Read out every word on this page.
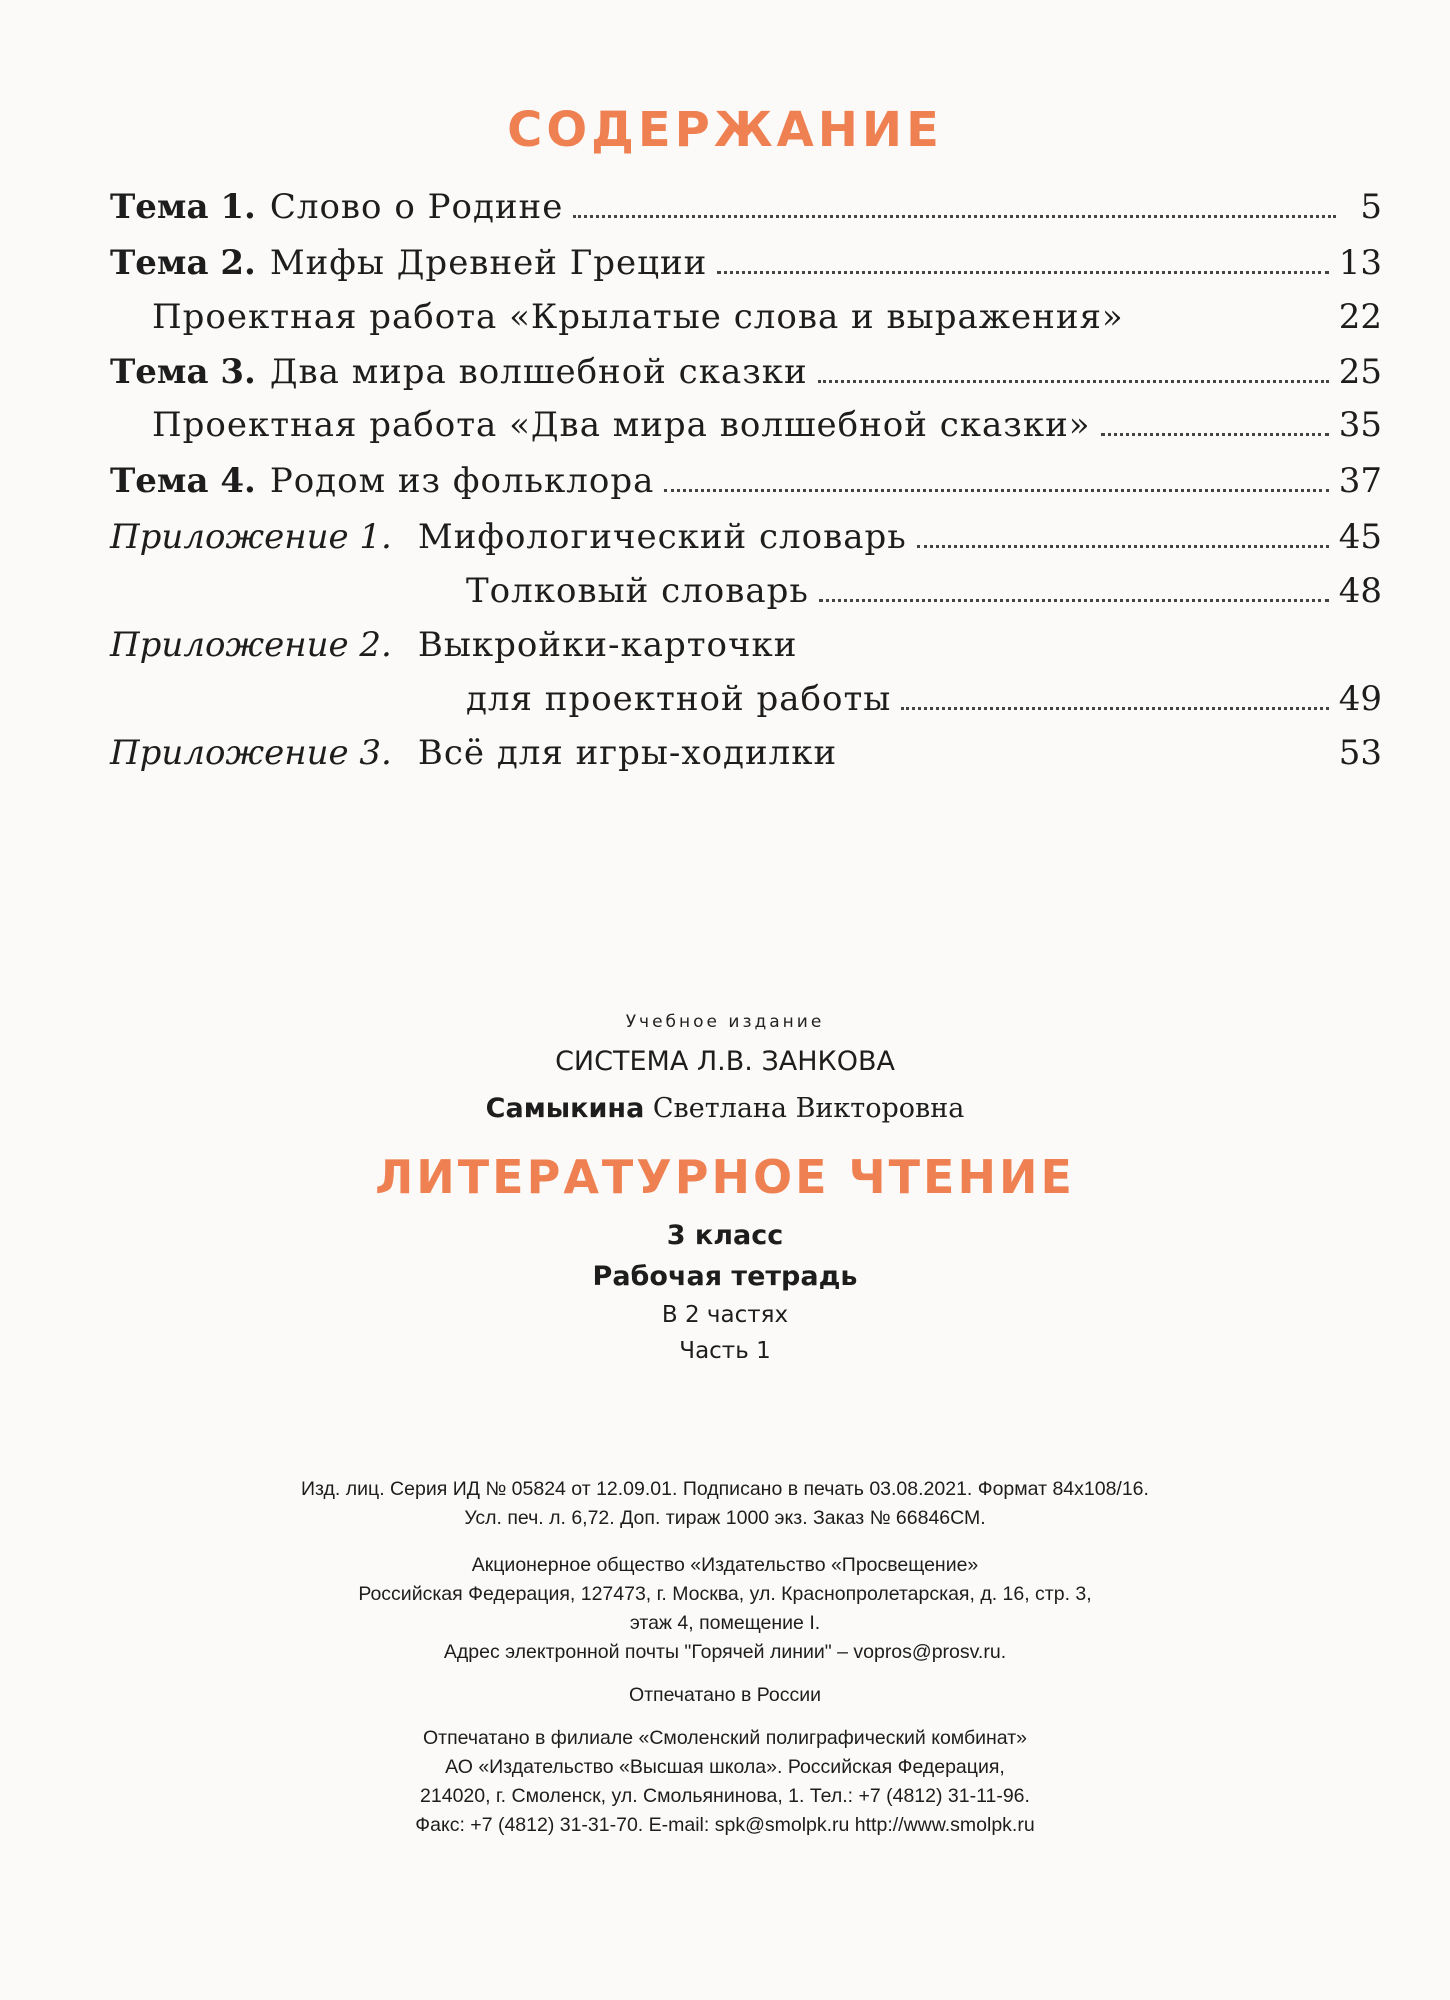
СОДЕРЖАНИЕ
Тема 1. Слово о Родине	5
Тема 2. Мифы Древней Греции	13
Проектная работа «Крылатые слова и выражения»	22
Тема 3. Два мира волшебной сказки	25
Проектная работа «Два мира волшебной сказки»	35
Тема 4. Родом из фольклора	37
Приложение 1. Мифологический словарь	45
Толковый словарь	48
Приложение 2. Выкройки-карточки
для проектной работы	49
Приложение 3. Всё для игры-ходилки	53
Учебное издание
СИСТЕМА Л.В. ЗАНКОВА
Самыкина Светлана Викторовна
ЛИТЕРАТУРНОЕ ЧТЕНИЕ
3 класс
Рабочая тетрадь
В 2 частях
Часть 1
Изд. лиц. Серия ИД № 05824 от 12.09.01. Подписано в печать 03.08.2021. Формат 84x108/16.
Усл. печ. л. 6,72. Доп. тираж 1000 экз. Заказ № 66846СМ.
Акционерное общество «Издательство «Просвещение»
Российская Федерация, 127473, г. Москва, ул. Краснопролетарская, д. 16, стр. 3,
этаж 4, помещение I.
Адрес электронной почты "Горячей линии" – vopros@prosv.ru.
Отпечатано в России
Отпечатано в филиале «Смоленский полиграфический комбинат»
АО «Издательство «Высшая школа». Российская Федерация,
214020, г. Смоленск, ул. Смольянинова, 1. Тел.: +7 (4812) 31-11-96.
Факс: +7 (4812) 31-31-70. E-mail: spk@smolpk.ru http://www.smolpk.ru
